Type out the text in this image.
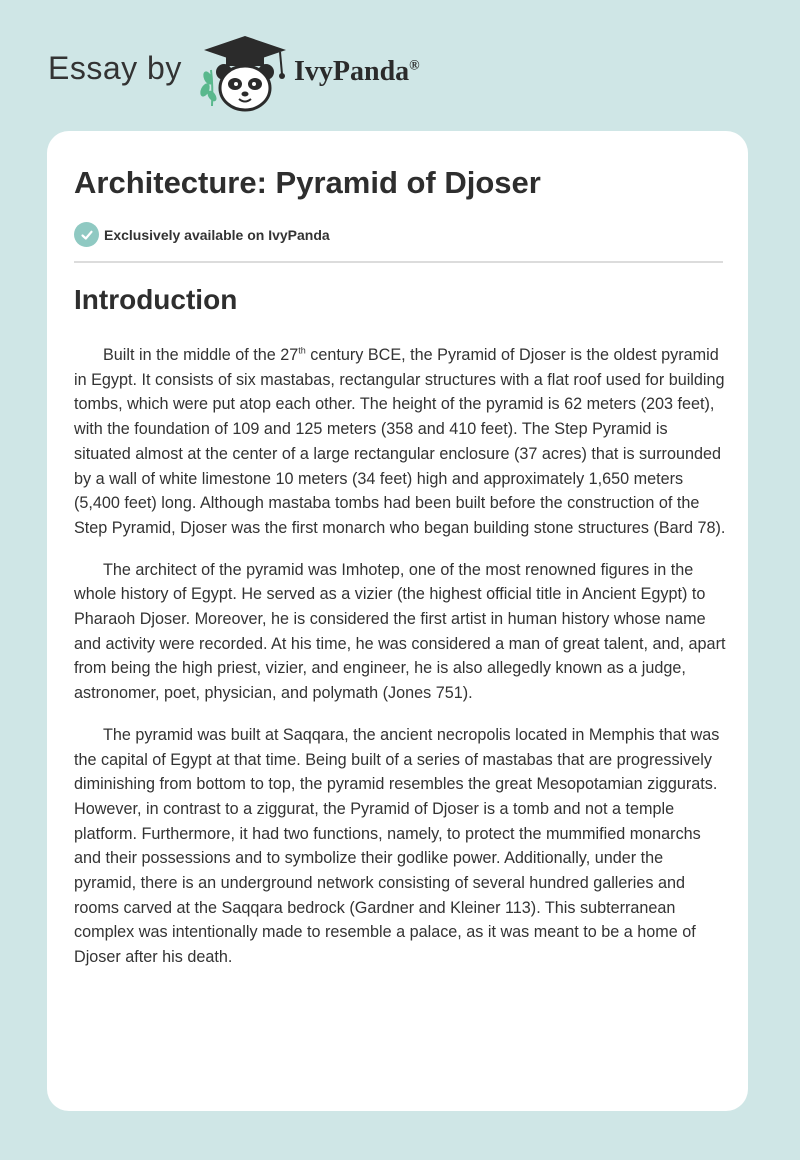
Essay by	IvyPanda®
Architecture: Pyramid of Djoser
Exclusively available on IvyPanda
Introduction

Built in the middle of the 27th century BCE, the Pyramid of Djoser is the oldest pyramid in Egypt. It consists of six mastabas, rectangular structures with a flat roof used for building tombs, which were put atop each other. The height of the pyramid is 62 meters (203 feet), with the foundation of 109 and 125 meters (358 and 410 feet). The Step Pyramid is situated almost at the center of a large rectangular enclosure (37 acres) that is surrounded by a wall of white limestone 10 meters (34 feet) high and approximately 1,650 meters (5,400 feet) long. Although mastaba tombs had been built before the construction of the Step Pyramid, Djoser was the first monarch who began building stone structures (Bard 78).

The architect of the pyramid was Imhotep, one of the most renowned figures in the whole history of Egypt. He served as a vizier (the highest official title in Ancient Egypt) to Pharaoh Djoser. Moreover, he is considered the first artist in human history whose name and activity were recorded. At his time, he was considered a man of great talent, and, apart from being the high priest, vizier, and engineer, he is also allegedly known as a judge, astronomer, poet, physician, and polymath (Jones 751).

The pyramid was built at Saqqara, the ancient necropolis located in Memphis that was the capital of Egypt at that time. Being built of a series of mastabas that are progressively diminishing from bottom to top, the pyramid resembles the great Mesopotamian ziggurats. However, in contrast to a ziggurat, the Pyramid of Djoser is a tomb and not a temple platform. Furthermore, it had two functions, namely, to protect the mummified monarchs and their possessions and to symbolize their godlike power. Additionally, under the pyramid, there is an underground network consisting of several hundred galleries and rooms carved at the Saqqara bedrock (Gardner and Kleiner 113). This subterranean complex was intentionally made to resemble a palace, as it was meant to be a home of Djoser after his death.
